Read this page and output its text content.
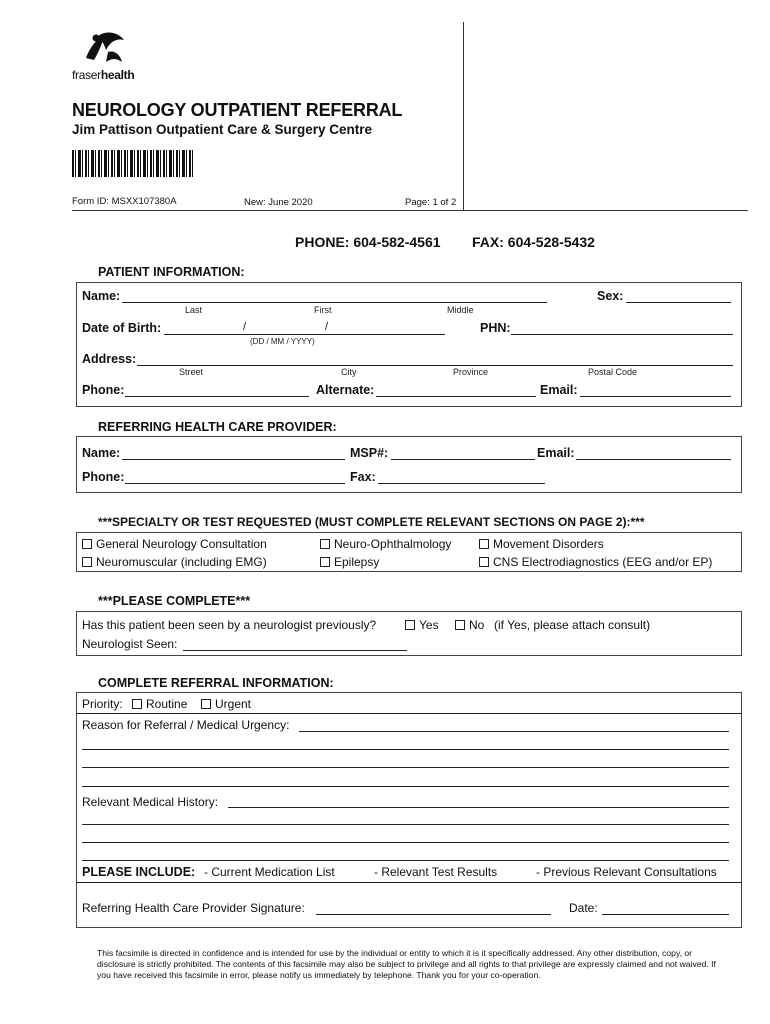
fraserhealth
NEUROLOGY OUTPATIENT REFERRAL
Jim Pattison Outpatient Care & Surgery Centre
Form ID: MSXX107380A	New: June 2020	Page: 1 of 2
PHONE: 604-582-4561 FAX: 604-528-5432
PATIENT INFORMATION:
Name:
Last	First	Middle
Sex:
Date of Birth:	/	/
(DD / MM / YYYY)
PHN:
Address:
Street	City	Province	Postal Code
Phone:	Alternate:	Email:
REFERRING HEALTH CARE PROVIDER:
Name:	MSP#:	Email:
Phone:	Fax:
***SPECIALTY OR TEST REQUESTED (MUST COMPLETE RELEVANT SECTIONS ON PAGE 2):***
General Neurology Consultation	Neuro-Ophthalmology	Movement Disorders
Neuromuscular (including EMG)	Epilepsy	CNS Electrodiagnostics (EEG and/or EP)
***PLEASE COMPLETE***
Has this patient been seen by a neurologist previously?	Yes	No (if Yes, please attach consult)
Neurologist Seen:
COMPLETE REFERRAL INFORMATION:
Priority:	Routine	Urgent
Reason for Referral / Medical Urgency:
Relevant Medical History:
PLEASE INCLUDE: - Current Medication List	- Relevant Test Results	- Previous Relevant Consultations
Referring Health Care Provider Signature:	Date:
This facsimile is directed in confidence and is intended for use by the individual or entity to which it is it specifically addressed. Any other distribution, copy, or disclosure is strictly prohibited. The contents of this facsimile may also be subject to privilege and all rights to that privilege are expressly claimed and not waived. If you have received this facsimile in error, please notify us immediately by telephone. Thank you for your co-operation.
